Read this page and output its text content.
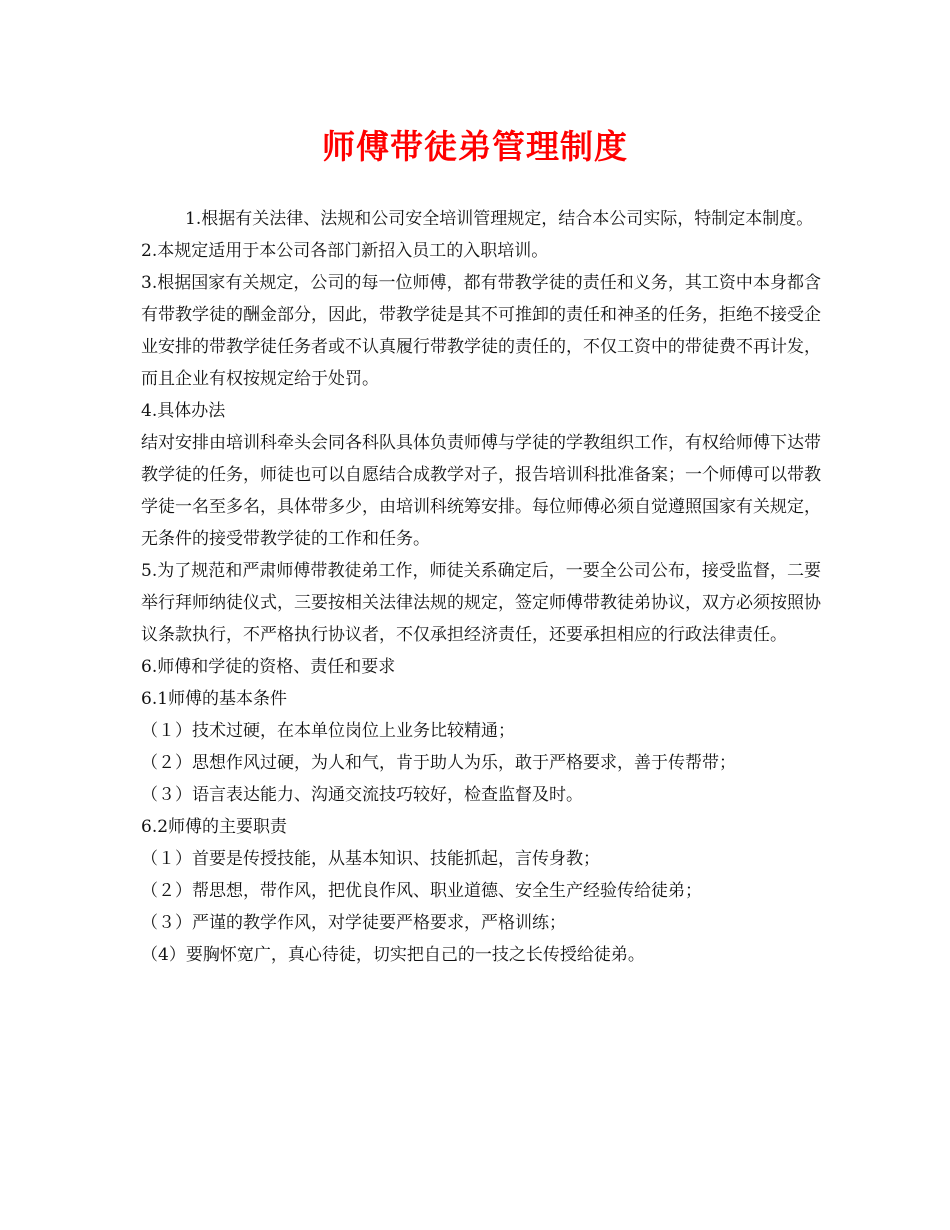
师傅带徒弟管理制度

1.根据有关法律、法规和公司安全培训管理规定，结合本公司实际，特制定本制度。

2.本规定适用于本公司各部门新招入员工的入职培训。

3.根据国家有关规定，公司的每一位师傅，都有带教学徒的责任和义务，其工资中本身都含有带教学徒的酬金部分，因此，带教学徒是其不可推卸的责任和神圣的任务，拒绝不接受企业安排的带教学徒任务者或不认真履行带教学徒的责任的，不仅工资中的带徒费不再计发，而且企业有权按规定给于处罚。

4.具体办法

结对安排由培训科牵头会同各科队具体负责师傅与学徒的学教组织工作，有权给师傅下达带教学徒的任务，师徒也可以自愿结合成教学对子，报告培训科批准备案；一个师傅可以带教学徒一名至多名，具体带多少，由培训科统筹安排。每位师傅必须自觉遵照国家有关规定，无条件的接受带教学徒的工作和任务。

5.为了规范和严肃师傅带教徒弟工作，师徒关系确定后，一要全公司公布，接受监督，二要举行拜师纳徒仪式，三要按相关法律法规的规定，签定师傅带教徒弟协议，双方必须按照协议条款执行，不严格执行协议者，不仅承担经济责任，还要承担相应的行政法律责任。

6.师傅和学徒的资格、责任和要求

6.1师傅的基本条件

（１）技术过硬，在本单位岗位上业务比较精通；

（２）思想作风过硬，为人和气，肯于助人为乐，敢于严格要求，善于传帮带；

（３）语言表达能力、沟通交流技巧较好，检查监督及时。

6.2师傅的主要职责

（１）首要是传授技能，从基本知识、技能抓起，言传身教；

（２）帮思想，带作风，把优良作风、职业道德、安全生产经验传给徒弟；

（３）严谨的教学作风，对学徒要严格要求，严格训练；

（4）要胸怀宽广，真心待徒，切实把自己的一技之长传授给徒弟。
